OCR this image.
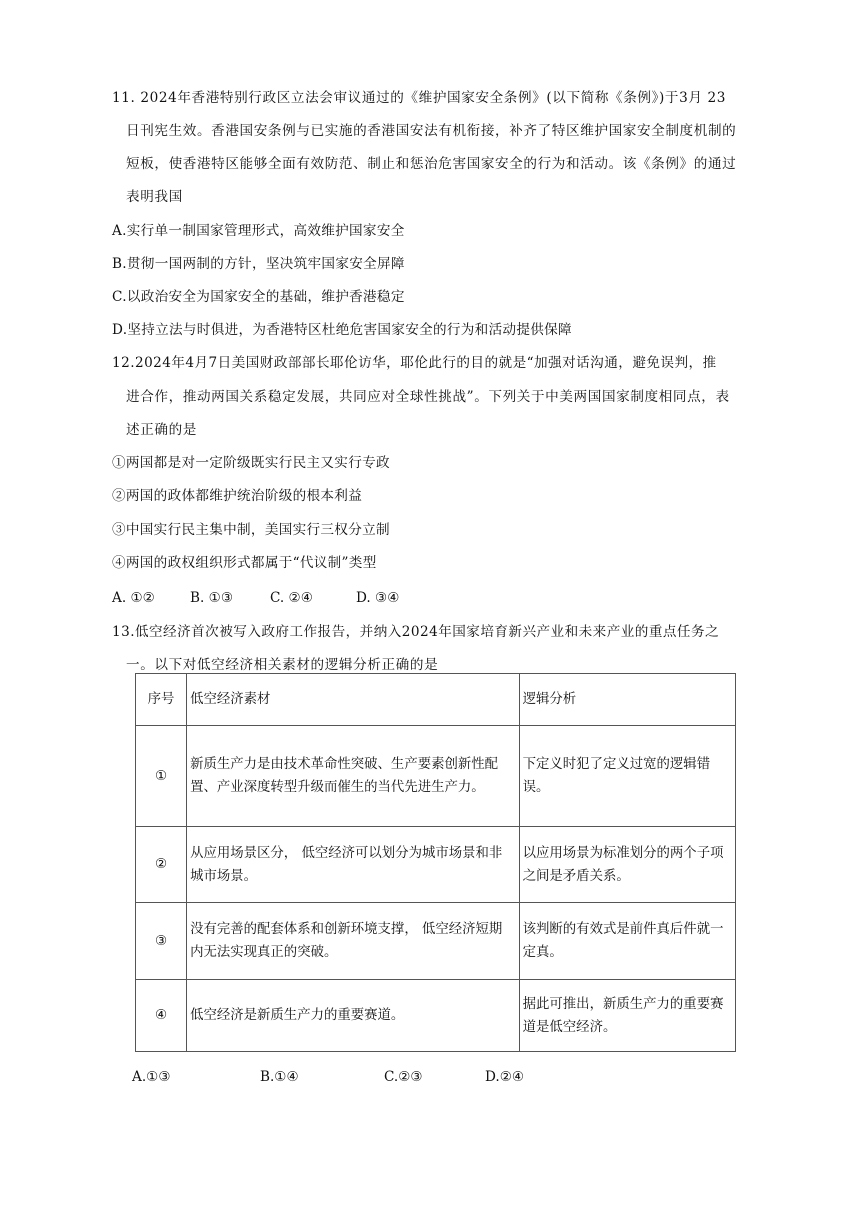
11. 2024年香港特别行政区立法会审议通过的《维护国家安全条例》(以下简称《条例》)于3月 23
日刊宪生效。香港国安条例与已实施的香港国安法有机衔接，补齐了特区维护国家安全制度机制的
短板，使香港特区能够全面有效防范、制止和惩治危害国家安全的行为和活动。该《条例》的通过
表明我国
A.实行单一制国家管理形式，高效维护国家安全
B.贯彻一国两制的方针，坚决筑牢国家安全屏障
C.以政治安全为国家安全的基础，维护香港稳定
D.坚持立法与时俱进，为香港特区杜绝危害国家安全的行为和活动提供保障
12.2024年4月7日美国财政部部长耶伦访华，耶伦此行的目的就是“加强对话沟通，避免误判，推
进合作，推动两国关系稳定发展，共同应对全球性挑战”。下列关于中美两国国家制度相同点，表
述正确的是
①两国都是对一定阶级既实行民主又实行专政
②两国的政体都维护统治阶级的根本利益
③中国实行民主集中制，美国实行三权分立制
④两国的政权组织形式都属于“代议制”类型
A. ①②	B. ①③	C. ②④	D. ③④
13.低空经济首次被写入政府工作报告，并纳入2024年国家培育新兴产业和未来产业的重点任务之
一。以下对低空经济相关素材的逻辑分析正确的是
序号	低空经济素材	逻辑分析
①	新质生产力是由技术革命性突破、生产要素创新性配置、产业深度转型升级而催生的当代先进生产力。	下定义时犯了定义过宽的逻辑错误。
②	从应用场景区分， 低空经济可以划分为城市场景和非城市场景。	以应用场景为标准划分的两个子项之间是矛盾关系。
③	没有完善的配套体系和创新环境支撑， 低空经济短期内无法实现真正的突破。	该判断的有效式是前件真后件就一定真。
④	低空经济是新质生产力的重要赛道。	据此可推出，新质生产力的重要赛道是低空经济。
A.①③	B.①④	C.②③	D.②④
